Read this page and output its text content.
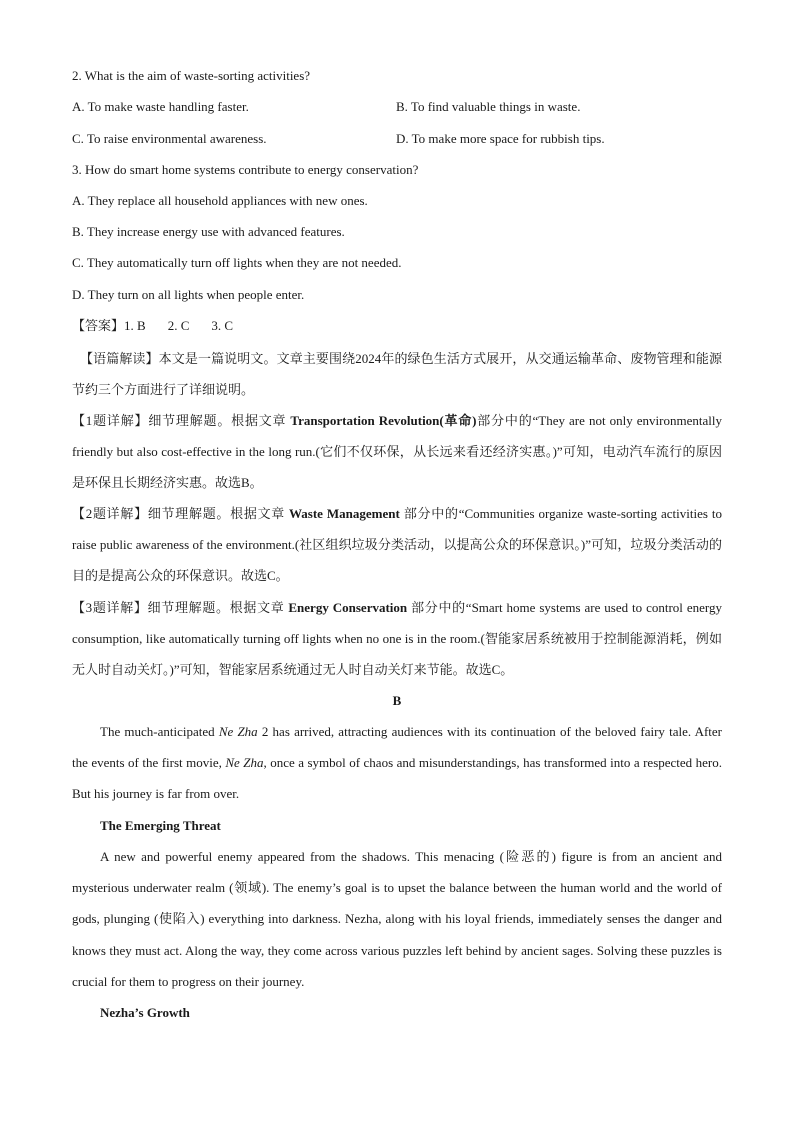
2. What is the aim of waste-sorting activities?
A. To make waste handling faster.	B. To find valuable things in waste.
C. To raise environmental awareness.	D. To make more space for rubbish tips.
3. How do smart home systems contribute to energy conservation?
A. They replace all household appliances with new ones.
B. They increase energy use with advanced features.
C. They automatically turn off lights when they are not needed.
D. They turn on all lights when people enter.
【答案】1. B 2. C 3. C
【语篇解读】本文是一篇说明文。文章主要围绕2024年的绿色生活方式展开，从交通运输革命、废物管理和能源节约三个方面进行了详细说明。
【1题详解】细节理解题。根据文章 Transportation Revolution(革命)部分中的“They are not only environmentally friendly but also cost-effective in the long run.(它们不仅环保，从长远来看还经济实惠。)”可知，电动汽车流行的原因是环保且长期经济实惠。故选B。
【2题详解】细节理解题。根据文章 Waste Management 部分中的“Communities organize waste-sorting activities to raise public awareness of the environment.(社区组织垃圾分类活动，以提高公众的环保意识。)”可知，垃圾分类活动的目的是提高公众的环保意识。故选C。
【3题详解】细节理解题。根据文章 Energy Conservation 部分中的“Smart home systems are used to control energy consumption, like automatically turning off lights when no one is in the room.(智能家居系统被用于控制能源消耗，例如无人时自动关灯。)”可知，智能家居系统通过无人时自动关灯来节能。故选C。
B
The much-anticipated Ne Zha 2 has arrived, attracting audiences with its continuation of the beloved fairy tale. After the events of the first movie, Ne Zha, once a symbol of chaos and misunderstandings, has transformed into a respected hero. But his journey is far from over.
The Emerging Threat
A new and powerful enemy appeared from the shadows. This menacing (险恶的) figure is from an ancient and mysterious underwater realm (领域). The enemy’s goal is to upset the balance between the human world and the world of gods, plunging (使陷入) everything into darkness. Nezha, along with his loyal friends, immediately senses the danger and knows they must act. Along the way, they come across various puzzles left behind by ancient sages. Solving these puzzles is crucial for them to progress on their journey.
Nezha’s Growth
